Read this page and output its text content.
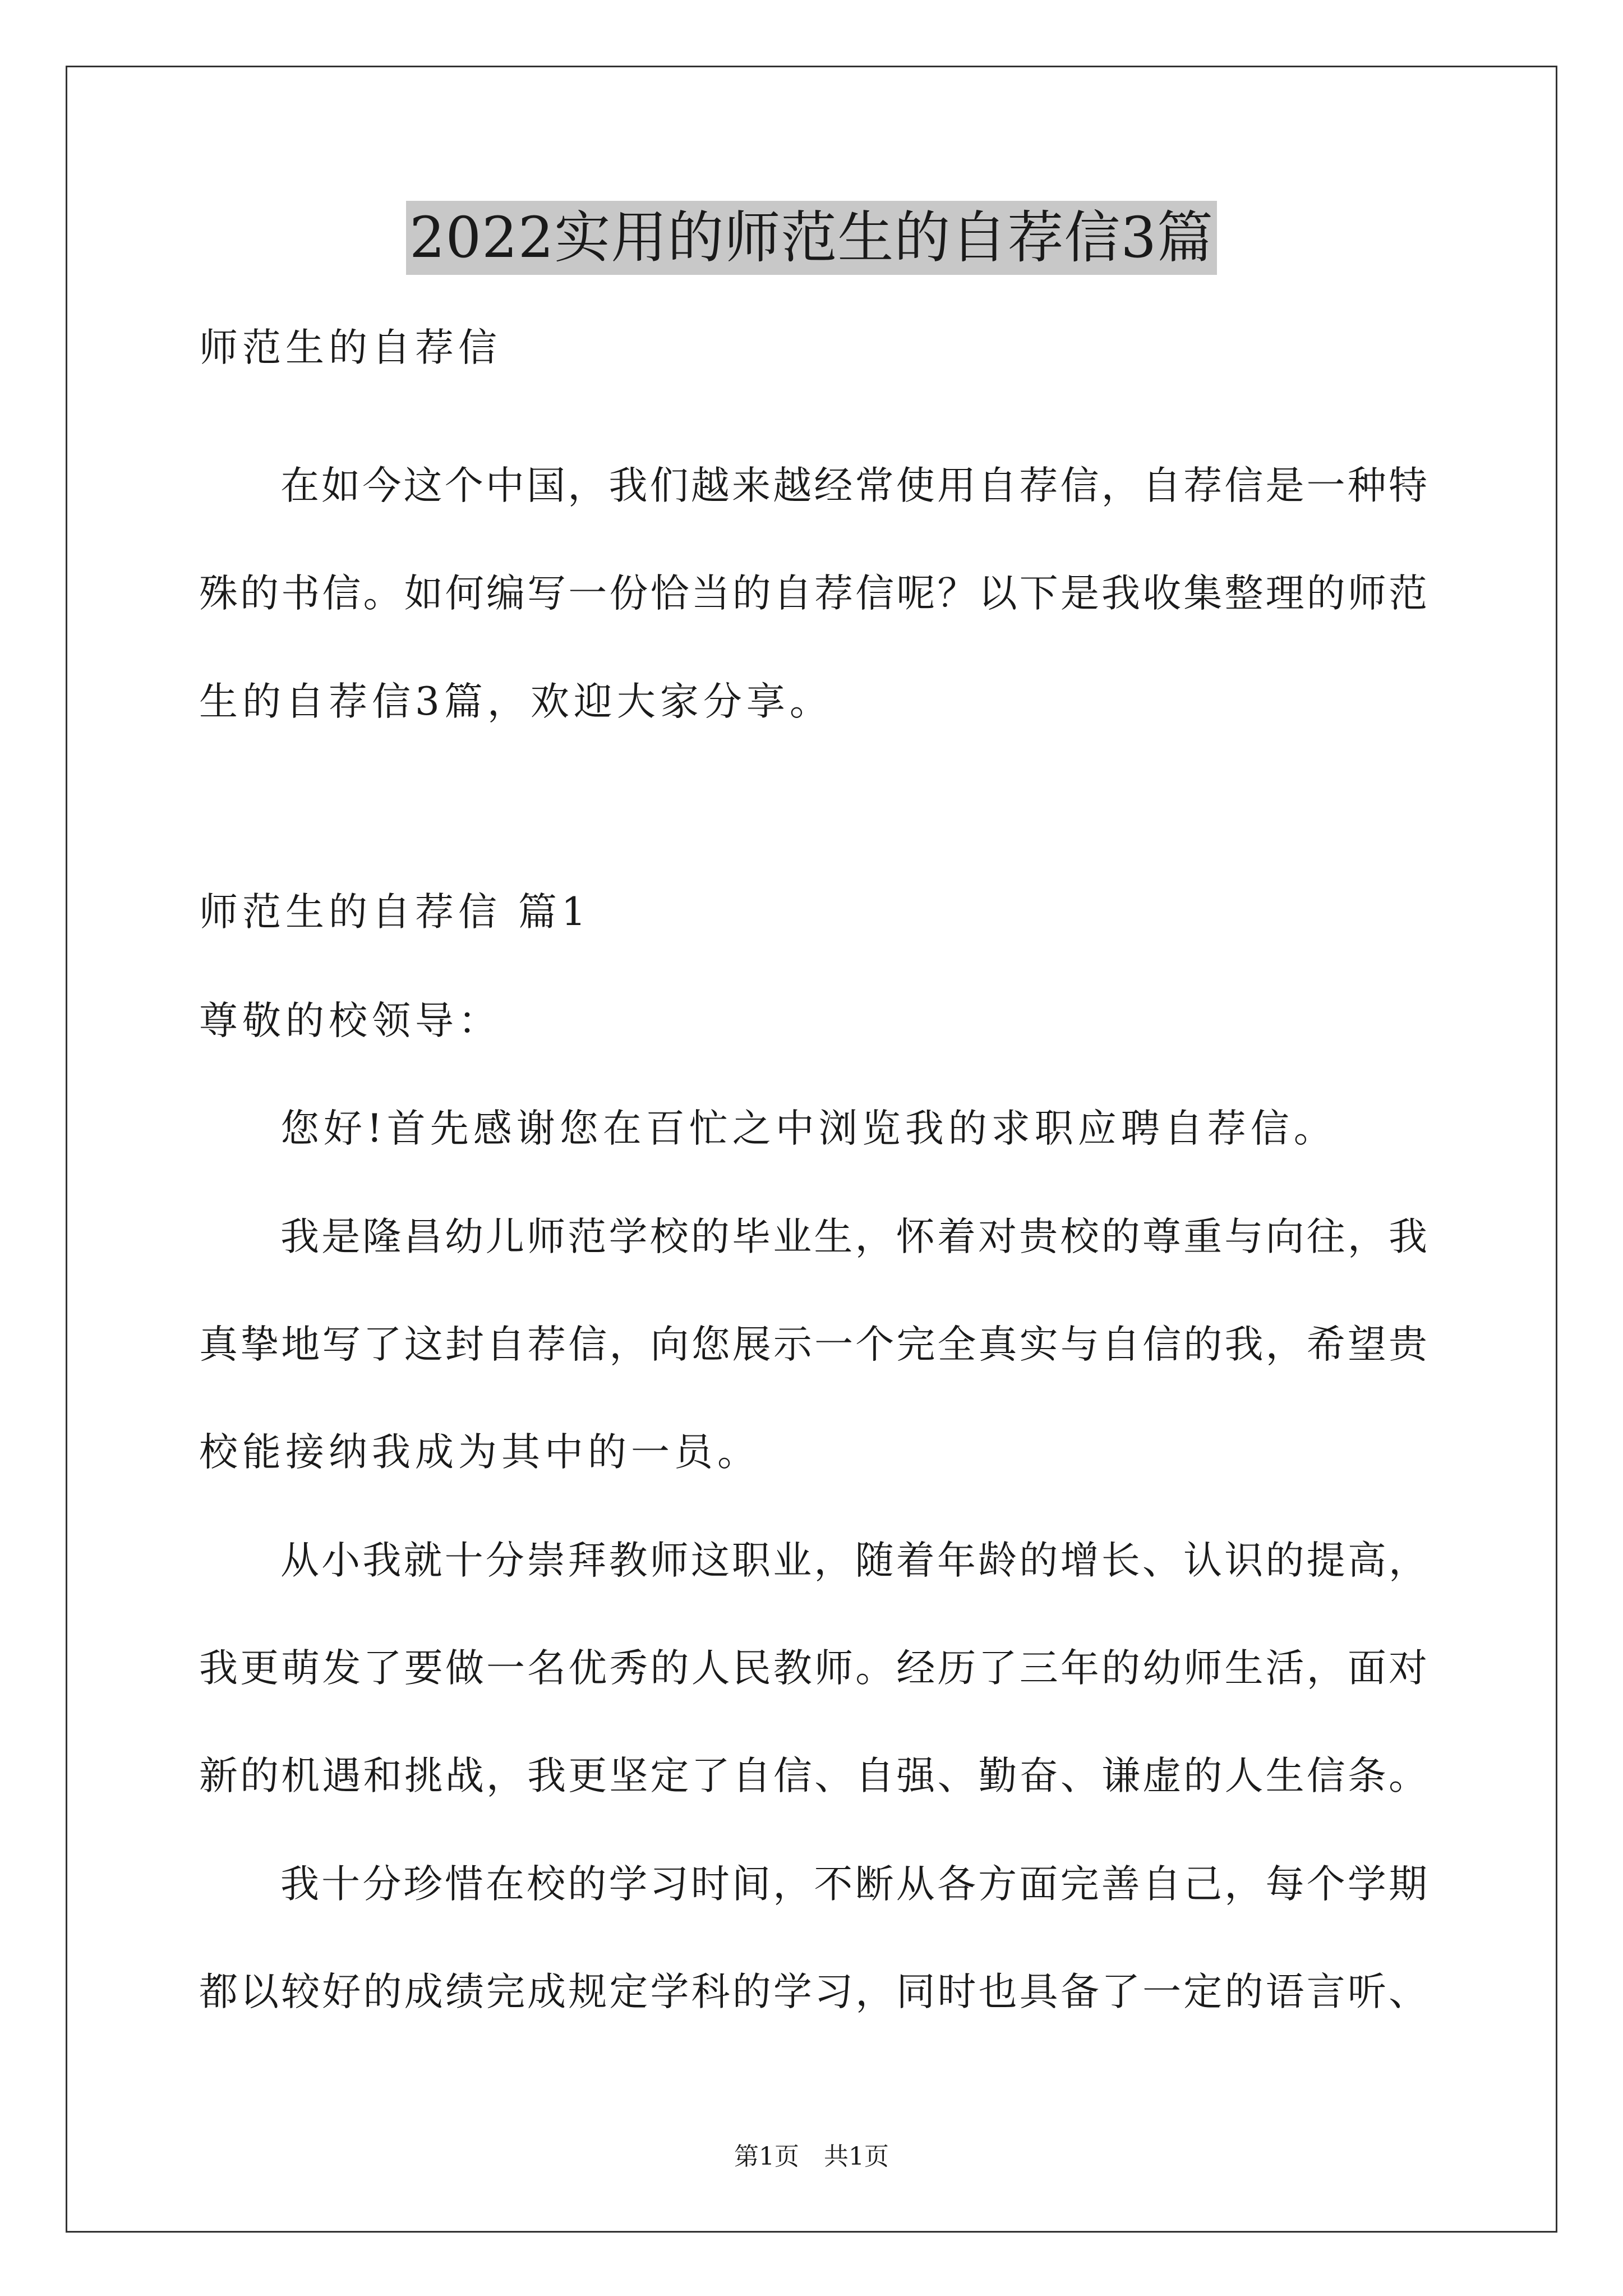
2022实用的师范生的自荐信3篇
师范生的自荐信
在如今这个中国，我们越来越经常使用自荐信，自荐信是一种特
殊的书信。如何编写一份恰当的自荐信呢？以下是我收集整理的师范
生的自荐信3篇，欢迎大家分享。
师范生的自荐信 篇1
尊敬的校领导：
您好!首先感谢您在百忙之中浏览我的求职应聘自荐信。
我是隆昌幼儿师范学校的毕业生，怀着对贵校的尊重与向往，我
真挚地写了这封自荐信，向您展示一个完全真实与自信的我，希望贵
校能接纳我成为其中的一员。
从小我就十分崇拜教师这职业，随着年龄的增长、认识的提高，
我更萌发了要做一名优秀的人民教师。经历了三年的幼师生活，面对
新的机遇和挑战，我更坚定了自信、自强、勤奋、谦虚的人生信条。
我十分珍惜在校的学习时间，不断从各方面完善自己，每个学期
都以较好的成绩完成规定学科的学习，同时也具备了一定的语言听、
第1页　共1页
